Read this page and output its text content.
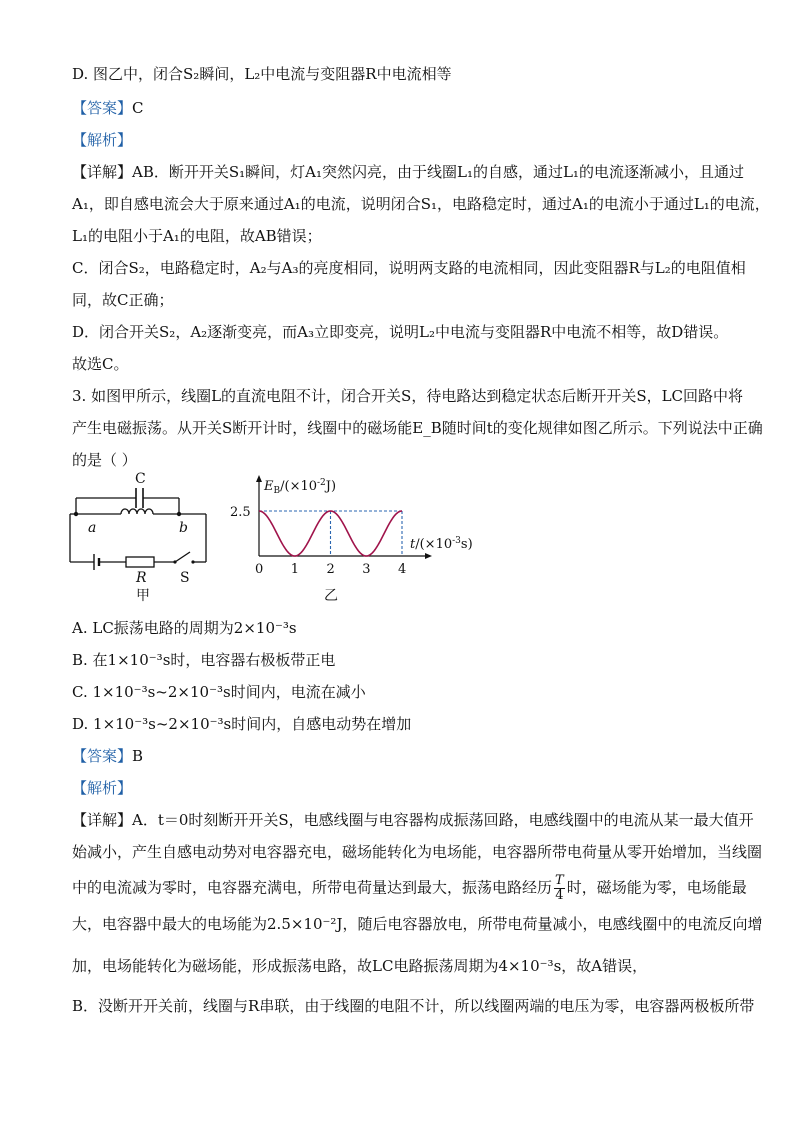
D. 图乙中，闭合S₂瞬间，L₂中电流与变阻器R中电流相等
【答案】C
【解析】
【详解】AB．断开开关S₁瞬间，灯A₁突然闪亮，由于线圈L₁的自感，通过L₁的电流逐渐减小，且通过
A₁，即自感电流会大于原来通过A₁的电流，说明闭合S₁，电路稳定时，通过A₁的电流小于通过L₁的电流，
L₁的电阻小于A₁的电阻，故AB错误；
C．闭合S₂，电路稳定时，A₂与A₃的亮度相同，说明两支路的电流相同，因此变阻器R与L₂的电阻值相
同，故C正确；
D．闭合开关S₂，A₂逐渐变亮，而A₃立即变亮，说明L₂中电流与变阻器R中电流不相等，故D错误。
故选C。
3. 如图甲所示，线圈L的直流电阻不计，闭合开关S，待电路达到稳定状态后断开开关S，LC回路中将
产生电磁振荡。从开关S断开计时，线圈中的磁场能E_B随时间t的变化规律如图乙所示。下列说法中正确
的是（ ）
C
a	b
R S
甲
$E_B/(\times 10^{-2}J)$
$t/(\times 10^{-3}s)$
0 1 2 3 4
2.5
乙
A. LC振荡电路的周期为2×10⁻³s
B. 在1×10⁻³s时，电容器右极板带正电
C. 1×10⁻³s~2×10⁻³s时间内，电流在减小
D. 1×10⁻³s~2×10⁻³s时间内，自感电动势在增加
【答案】B
【解析】
【详解】A．t＝0时刻断开开关S，电感线圈与电容器构成振荡回路，电感线圈中的电流从某一最大值开
始减小，产生自感电动势对电容器充电，磁场能转化为电场能，电容器所带电荷量从零开始增加，当线圈
中的电流减为零时，电容器充满电，所带电荷量达到最大，振荡电路经历 $\frac{T}{4}$ 时，磁场能为零，电场能最
大，电容器中最大的电场能为2.5×10⁻²J，随后电容器放电，所带电荷量减小，电感线圈中的电流反向增
加，电场能转化为磁场能，形成振荡电路，故LC电路振荡周期为4×10⁻³s，故A错误，
B．没断开开关前，线圈与R串联，由于线圈的电阻不计，所以线圈两端的电压为零，电容器两极板所带
